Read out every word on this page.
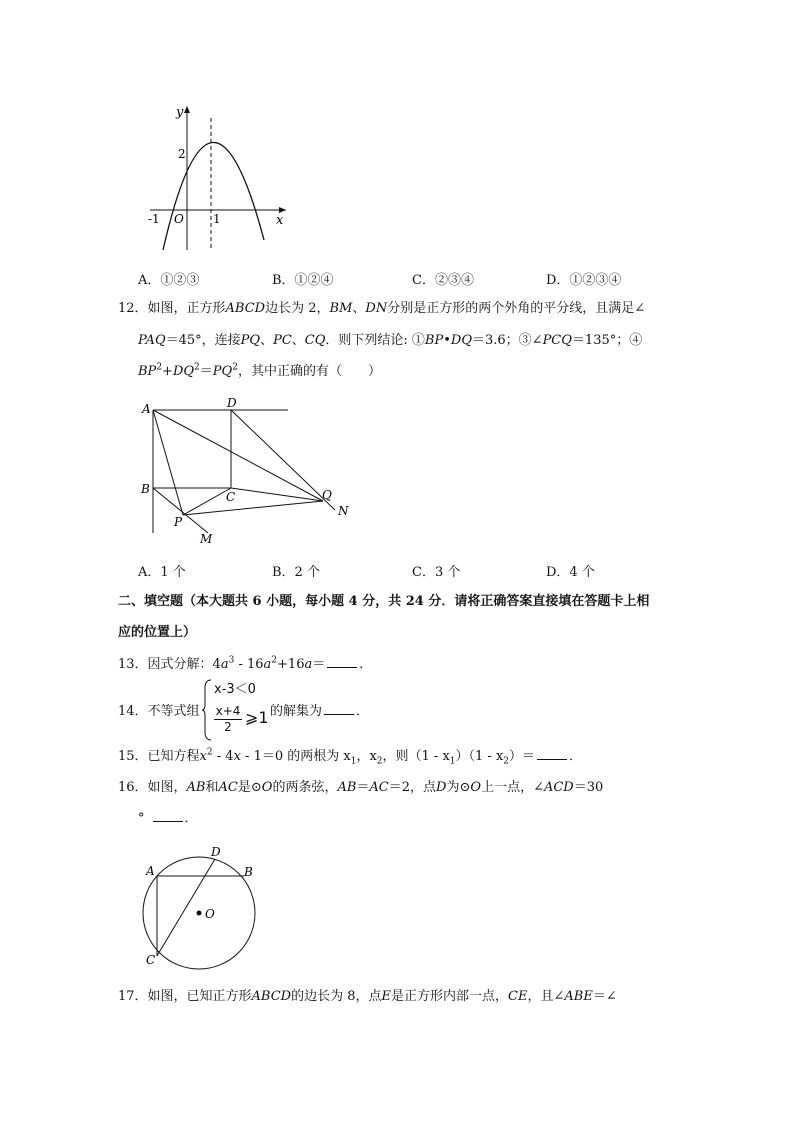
y
x
O
-1	1
2
A．①②③	B．①②④	C．②③④	D．①②③④
12．如图，正方形ABCD边长为 2，BM、DN分别是正方形的两个外角的平分线，且满足∠
PAQ＝45°，连接PQ、PC、CQ．则下列结论: ①BP•DQ＝3.6；③∠PCQ＝135°；④
$BP^2+DQ^2=PQ^2$，其中正确的有（　　）
A	D
B
C
P
Q
M
N
A．1 个	B．2 个	C．3 个	D．4 个
二、填空题（本大题共 6 小题，每小题 4 分，共 24 分．请将正确答案直接填在答题卡上相
应的位置上）
13．因式分解：$4a^3 - 16a^2+16a=$	．
14．不等式组
x-3＜0
x+4
2 ⩾1 的解集为	．
15．已知方程$x^2 - 4x - 1=0$ 的两根为 $x_1$，$x_2$，则$(1 - x_1)(1 - x_2)=$	．
16．如图，AB和AC是⊙O的两条弦，AB＝AC＝2，点D为⊙O上一点，∠ACD＝30
°	．
A	B
D
C
O
17．如图，已知正方形ABCD的边长为 8，点E是正方形内部一点，CE，且∠ABE＝∠
